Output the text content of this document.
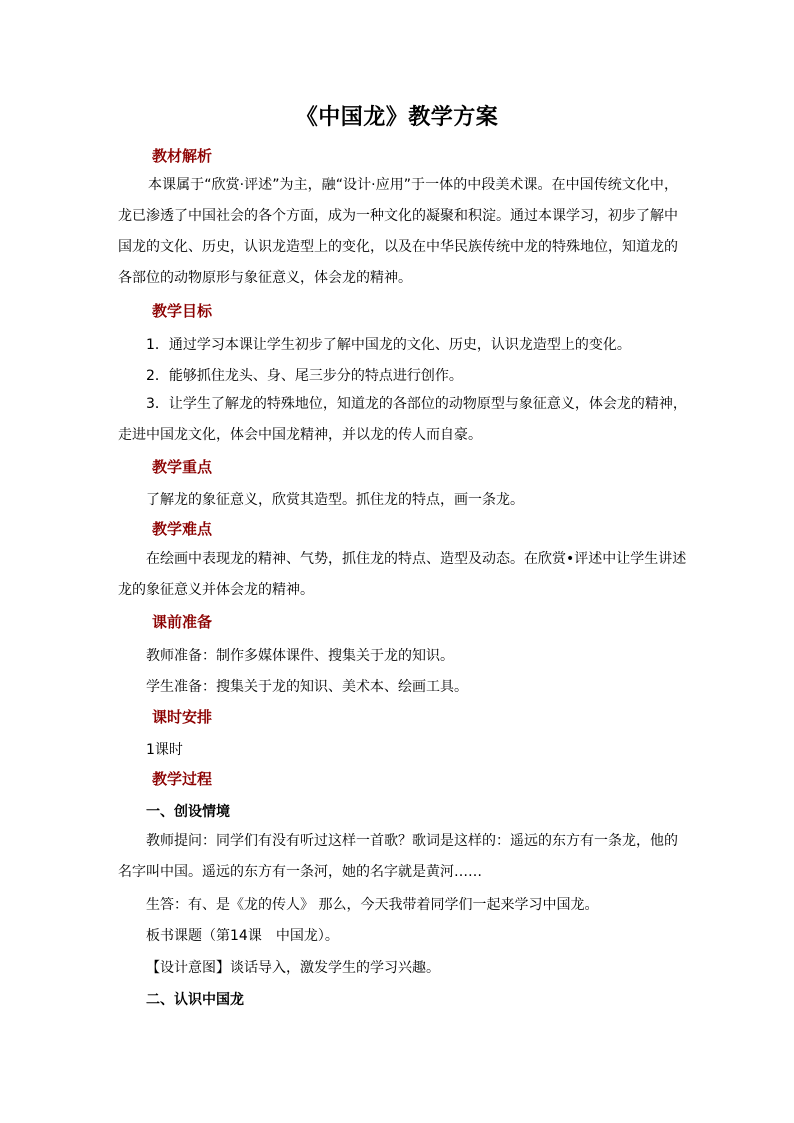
《中国龙》教学方案
教材解析

本课属于“欣赏·评述”为主，融“设计·应用”于一体的中段美术课。在中国传统文化中，龙已渗透了中国社会的各个方面，成为一种文化的凝聚和积淀。通过本课学习，初步了解中国龙的文化、历史，认识龙造型上的变化，以及在中华民族传统中龙的特殊地位，知道龙的各部位的动物原形与象征意义，体会龙的精神。

教学目标
1．通过学习本课让学生初步了解中国龙的文化、历史，认识龙造型上的变化。
2．能够抓住龙头、身、尾三步分的特点进行创作。

3．让学生了解龙的特殊地位，知道龙的各部位的动物原型与象征意义，体会龙的精神，走进中国龙文化，体会中国龙精神，并以龙的传人而自豪。

教学重点
了解龙的象征意义，欣赏其造型。抓住龙的特点，画一条龙。
教学难点

在绘画中表现龙的精神、气势，抓住龙的特点、造型及动态。在欣赏•评述中让学生讲述龙的象征意义并体会龙的精神。

课前准备
教师准备：制作多媒体课件、搜集关于龙的知识。
学生准备：搜集关于龙的知识、美术本、绘画工具。
课时安排
1课时
教学过程
一、创设情境

教师提问：同学们有没有听过这样一首歌？歌词是这样的：遥远的东方有一条龙，他的名字叫中国。遥远的东方有一条河，她的名字就是黄河……

生答：有、是《龙的传人》 那么，今天我带着同学们一起来学习中国龙。
板书课题（第14课　中国龙）。
【设计意图】谈话导入，激发学生的学习兴趣。
二、认识中国龙
